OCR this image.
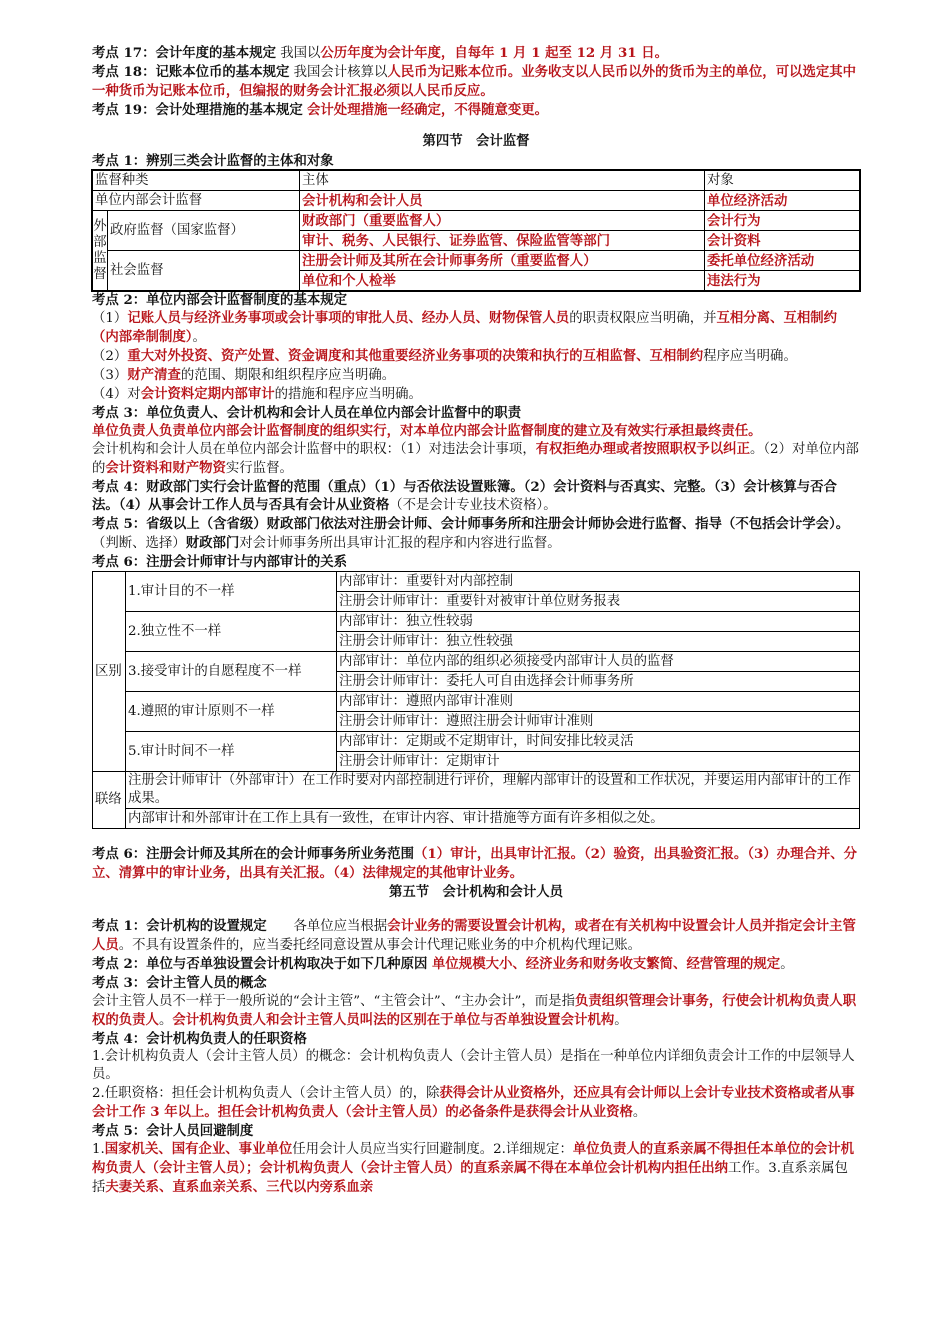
考点 17：会计年度的基本规定 我国以公历年度为会计年度，自每年 1 月 1 起至 12 月 31 日。

考点 18：记账本位币的基本规定 我国会计核算以人民币为记账本位币。业务收支以人民币以外的货币为主的单位，可以选定其中一种货币为记账本位币，但编报的财务会计汇报必须以人民币反应。

考点 19：会计处理措施的基本规定 会计处理措施一经确定，不得随意变更。

第四节　会计监督

考点 1：辨别三类会计监督的主体和对象

监督种类		主体	对象
单位内部会计监督		会计机构和会计人员	单位经济活动
外部监督	政府监督（国家监督）	财政部门（重要监督人）	会计行为
		审计、税务、人民银行、证券监管、保险监管等部门	会计资料
	社会监督	注册会计师及其所在会计师事务所（重要监督人）	委托单位经济活动
		单位和个人检举	违法行为

考点 2：单位内部会计监督制度的基本规定

（1）记账人员与经济业务事项或会计事项的审批人员、经办人员、财物保管人员的职责权限应当明确，并互相分离、互相制约（内部牵制制度）。

（2）重大对外投资、资产处置、资金调度和其他重要经济业务事项的决策和执行的互相监督、互相制约程序应当明确。

（3）财产清查的范围、期限和组织程序应当明确。

（4）对会计资料定期内部审计的措施和程序应当明确。

考点 3：单位负责人、会计机构和会计人员在单位内部会计监督中的职责

单位负责人负责单位内部会计监督制度的组织实行，对本单位内部会计监督制度的建立及有效实行承担最终责任。

会计机构和会计人员在单位内部会计监督中的职权：（1）对违法会计事项，有权拒绝办理或者按照职权予以纠正。（2）对单位内部的会计资料和财产物资实行监督。

考点 4：财政部门实行会计监督的范围（重点）（1）与否依法设置账簿。（2）会计资料与否真实、完整。（3）会计核算与否合法。（4）从事会计工作人员与否具有会计从业资格（不是会计专业技术资格）。

考点 5：省级以上（含省级）财政部门依法对注册会计师、会计师事务所和注册会计师协会进行监督、指导（不包括会计学会）。（判断、选择）财政部门对会计师事务所出具审计汇报的程序和内容进行监督。

考点 6：注册会计师审计与内部审计的关系

区别	1.审计目的不一样	内部审计：重要针对内部控制
		注册会计师审计：重要针对被审计单位财务报表
	2.独立性不一样	内部审计：独立性较弱
		注册会计师审计：独立性较强
	3.接受审计的自愿程度不一样	内部审计：单位内部的组织必须接受内部审计人员的监督
		注册会计师审计：委托人可自由选择会计师事务所
	4.遵照的审计原则不一样	内部审计：遵照内部审计准则
		注册会计师审计：遵照注册会计师审计准则
	5.审计时间不一样	内部审计：定期或不定期审计，时间安排比较灵活
		注册会计师审计：定期审计
联络	注册会计师审计（外部审计）在工作时要对内部控制进行评价，理解内部审计的设置和工作状况，并要运用内部审计的工作成果。	
	内部审计和外部审计在工作上具有一致性，在审计内容、审计措施等方面有许多相似之处。	

考点 6：注册会计师及其所在的会计师事务所业务范围（1）审计，出具审计汇报。（2）验资，出具验资汇报。（3）办理合并、分立、清算中的审计业务，出具有关汇报。（4）法律规定的其他审计业务。

第五节　会计机构和会计人员

考点 1：会计机构的设置规定　　各单位应当根据会计业务的需要设置会计机构，或者在有关机构中设置会计人员并指定会计主管人员。不具有设置条件的，应当委托经同意设置从事会计代理记账业务的中介机构代理记账。

考点 2：单位与否单独设置会计机构取决于如下几种原因 单位规模大小、经济业务和财务收支繁简、经营管理的规定。

考点 3：会计主管人员的概念

会计主管人员不一样于一般所说的“会计主管”、“主管会计”、“主办会计”，而是指负责组织管理会计事务，行使会计机构负责人职权的负责人。会计机构负责人和会计主管人员叫法的区别在于单位与否单独设置会计机构。

考点 4：会计机构负责人的任职资格

1.会计机构负责人（会计主管人员）的概念：会计机构负责人（会计主管人员）是指在一种单位内详细负责会计工作的中层领导人员。

2.任职资格：担任会计机构负责人（会计主管人员）的，除获得会计从业资格外，还应具有会计师以上会计专业技术资格或者从事会计工作 3 年以上。担任会计机构负责人（会计主管人员）的必备条件是获得会计从业资格。

考点 5：会计人员回避制度

1.国家机关、国有企业、事业单位任用会计人员应当实行回避制度。2.详细规定：单位负责人的直系亲属不得担任本单位的会计机构负责人（会计主管人员）；会计机构负责人（会计主管人员）的直系亲属不得在本单位会计机构内担任出纳工作。3.直系亲属包括夫妻关系、直系血亲关系、三代以内旁系血亲
